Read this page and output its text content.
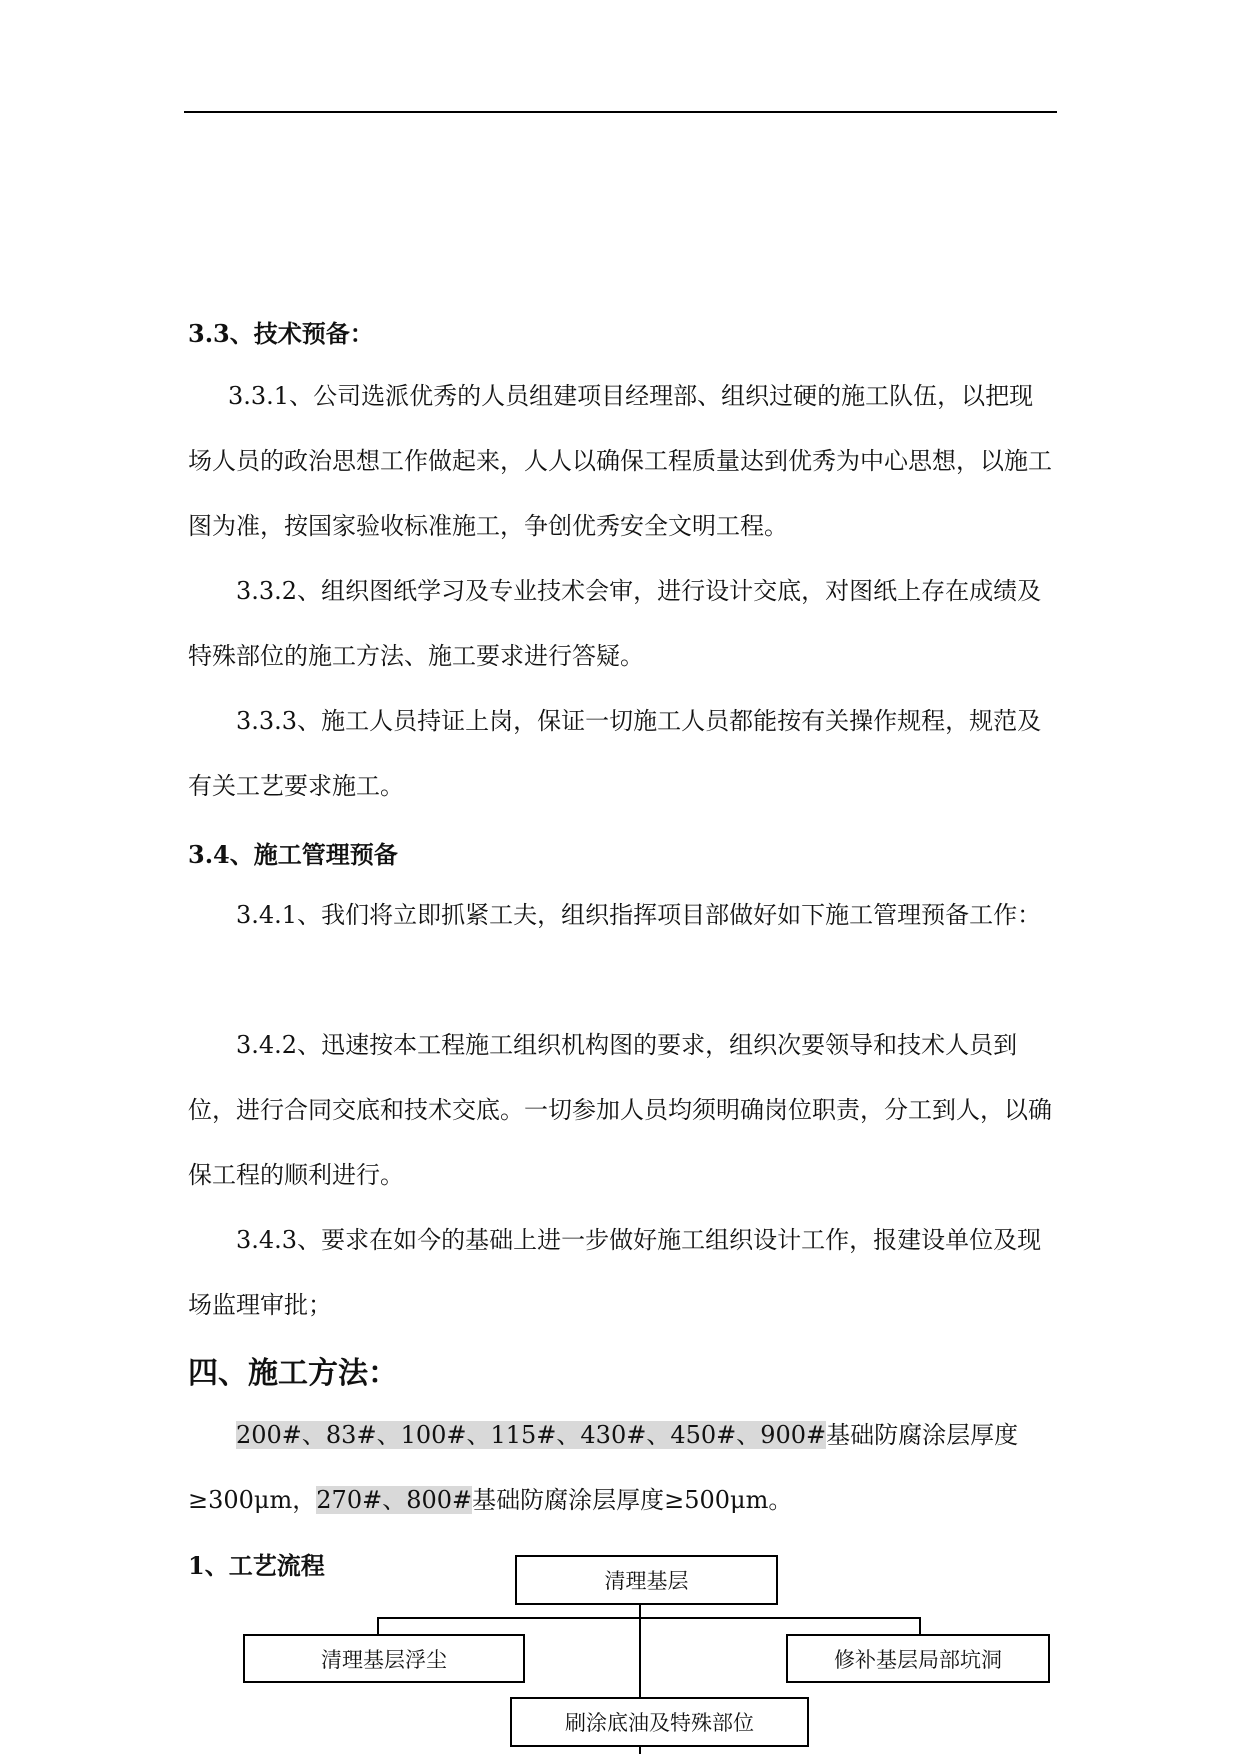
3.3、技术预备：
3.3.1、公司选派优秀的人员组建项目经理部、组织过硬的施工队伍，以把现场人员的政治思想工作做起来，人人以确保工程质量达到优秀为中心思想，以施工图为准，按国家验收标准施工，争创优秀安全文明工程。
3.3.2、组织图纸学习及专业技术会审，进行设计交底，对图纸上存在成绩及特殊部位的施工方法、施工要求进行答疑。
3.3.3、施工人员持证上岗，保证一切施工人员都能按有关操作规程，规范及有关工艺要求施工。
3.4、施工管理预备
3.4.1、我们将立即抓紧工夫，组织指挥项目部做好如下施工管理预备工作：
3.4.2、迅速按本工程施工组织机构图的要求，组织次要领导和技术人员到位，进行合同交底和技术交底。一切参加人员均须明确岗位职责，分工到人，以确保工程的顺利进行。
3.4.3、要求在如今的基础上进一步做好施工组织设计工作，报建设单位及现场监理审批；
四、施工方法：
200#、83#、100#、115#、430#、450#、900#基础防腐涂层厚度≥300μm，270#、800#基础防腐涂层厚度≥500μm。
1、工艺流程
清理基层
清理基层浮尘	修补基层局部坑洞
刷涂底油及特殊部位
